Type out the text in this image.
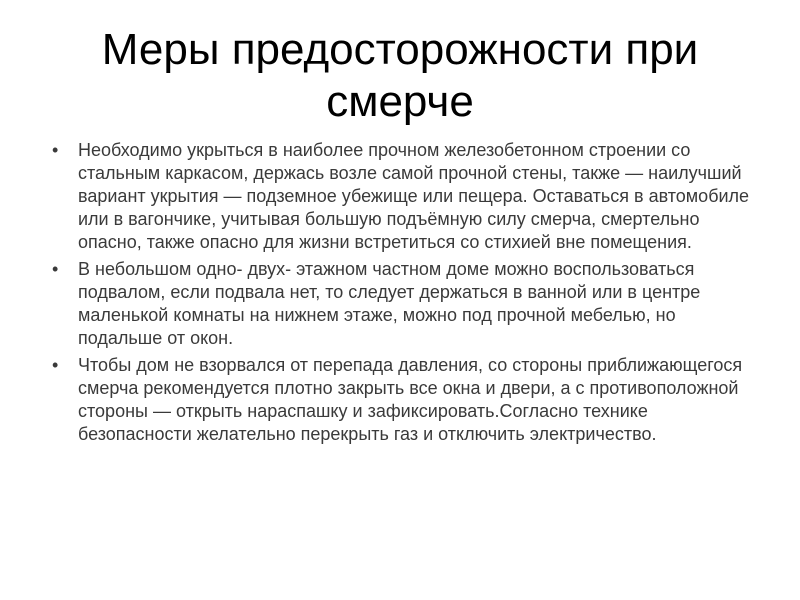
Меры предосторожности при смерче
• Необходимо укрыться в наиболее прочном железобетонном строении со стальным каркасом, держась возле самой прочной стены, также — наилучший вариант укрытия — подземное убежище или пещера. Оставаться в автомобиле или в вагончике, учитывая большую подъёмную силу смерча, смертельно опасно, также опасно для жизни встретиться со стихией вне помещения.
• В небольшом одно- двух- этажном частном доме можно воспользоваться подвалом, если подвала нет, то следует держаться в ванной или в центре маленькой комнаты на нижнем этаже, можно под прочной мебелью, но подальше от окон.
• Чтобы дом не взорвался от перепада давления, со стороны приближающегося смерча рекомендуется плотно закрыть все окна и двери, а с противоположной стороны — открыть нараспашку и зафиксировать.Согласно технике безопасности желательно перекрыть газ и отключить электричество.
